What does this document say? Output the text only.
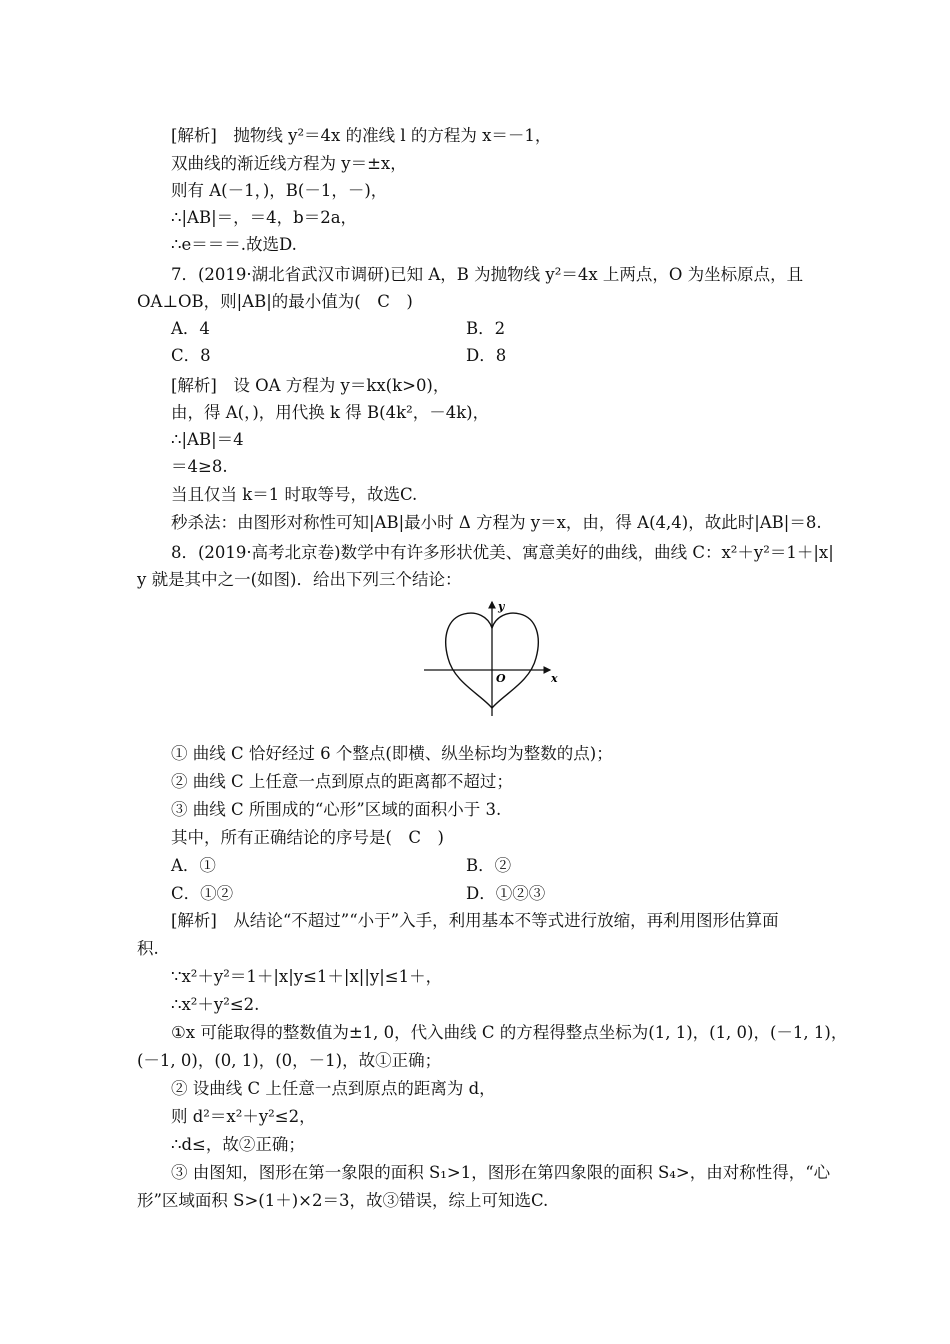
[解析]　抛物线 y²＝4x 的准线 l 的方程为 x＝－1，
双曲线的渐近线方程为 y＝±x，
则有 A(－1，)，B(－1，－)，
∴|AB|＝，＝4，b＝2a，
∴e＝＝＝.故选D.
7．(2019·湖北省武汉市调研)已知 A，B 为抛物线 y²＝4x 上两点，O 为坐标原点，且
OA⊥OB，则|AB|的最小值为(　C　)
A．4	B．2
C．8	D．8
[解析]　设 OA 方程为 y＝kx(k>0)，
由，得 A(，)，用代换 k 得 B(4k²，－4k)，
∴|AB|＝4
＝4≥8.
当且仅当 k＝1 时取等号，故选C.
秒杀法：由图形对称性可知|AB|最小时 Δ 方程为 y＝x，由，得 A(4,4)，故此时|AB|＝8.
8．(2019·高考北京卷)数学中有许多形状优美、寓意美好的曲线，曲线 C：x²＋y²＝1＋|x|
y 就是其中之一(如图)．给出下列三个结论：
y
x
O
① 曲线 C 恰好经过 6 个整点(即横、纵坐标均为整数的点)；
② 曲线 C 上任意一点到原点的距离都不超过；
③ 曲线 C 所围成的“心形”区域的面积小于 3.
其中，所有正确结论的序号是(　C　)
A．①	B．②
C．①②	D．①②③
[解析]　从结论“不超过”“小于”入手，利用基本不等式进行放缩，再利用图形估算面
积.
∵x²＋y²＝1＋|x|y≤1＋|x||y|≤1＋，
∴x²＋y²≤2.
①x 可能取得的整数值为±1, 0，代入曲线 C 的方程得整点坐标为(1, 1)，(1, 0)，(－1, 1)，
(－1, 0)，(0, 1)，(0，－1)，故①正确；
② 设曲线 C 上任意一点到原点的距离为 d，
则 d²＝x²＋y²≤2，
∴d≤，故②正确；
③ 由图知，图形在第一象限的面积 S₁>1，图形在第四象限的面积 S₄>，由对称性得，“心
形”区域面积 S>(1＋)×2＝3，故③错误，综上可知选C.
